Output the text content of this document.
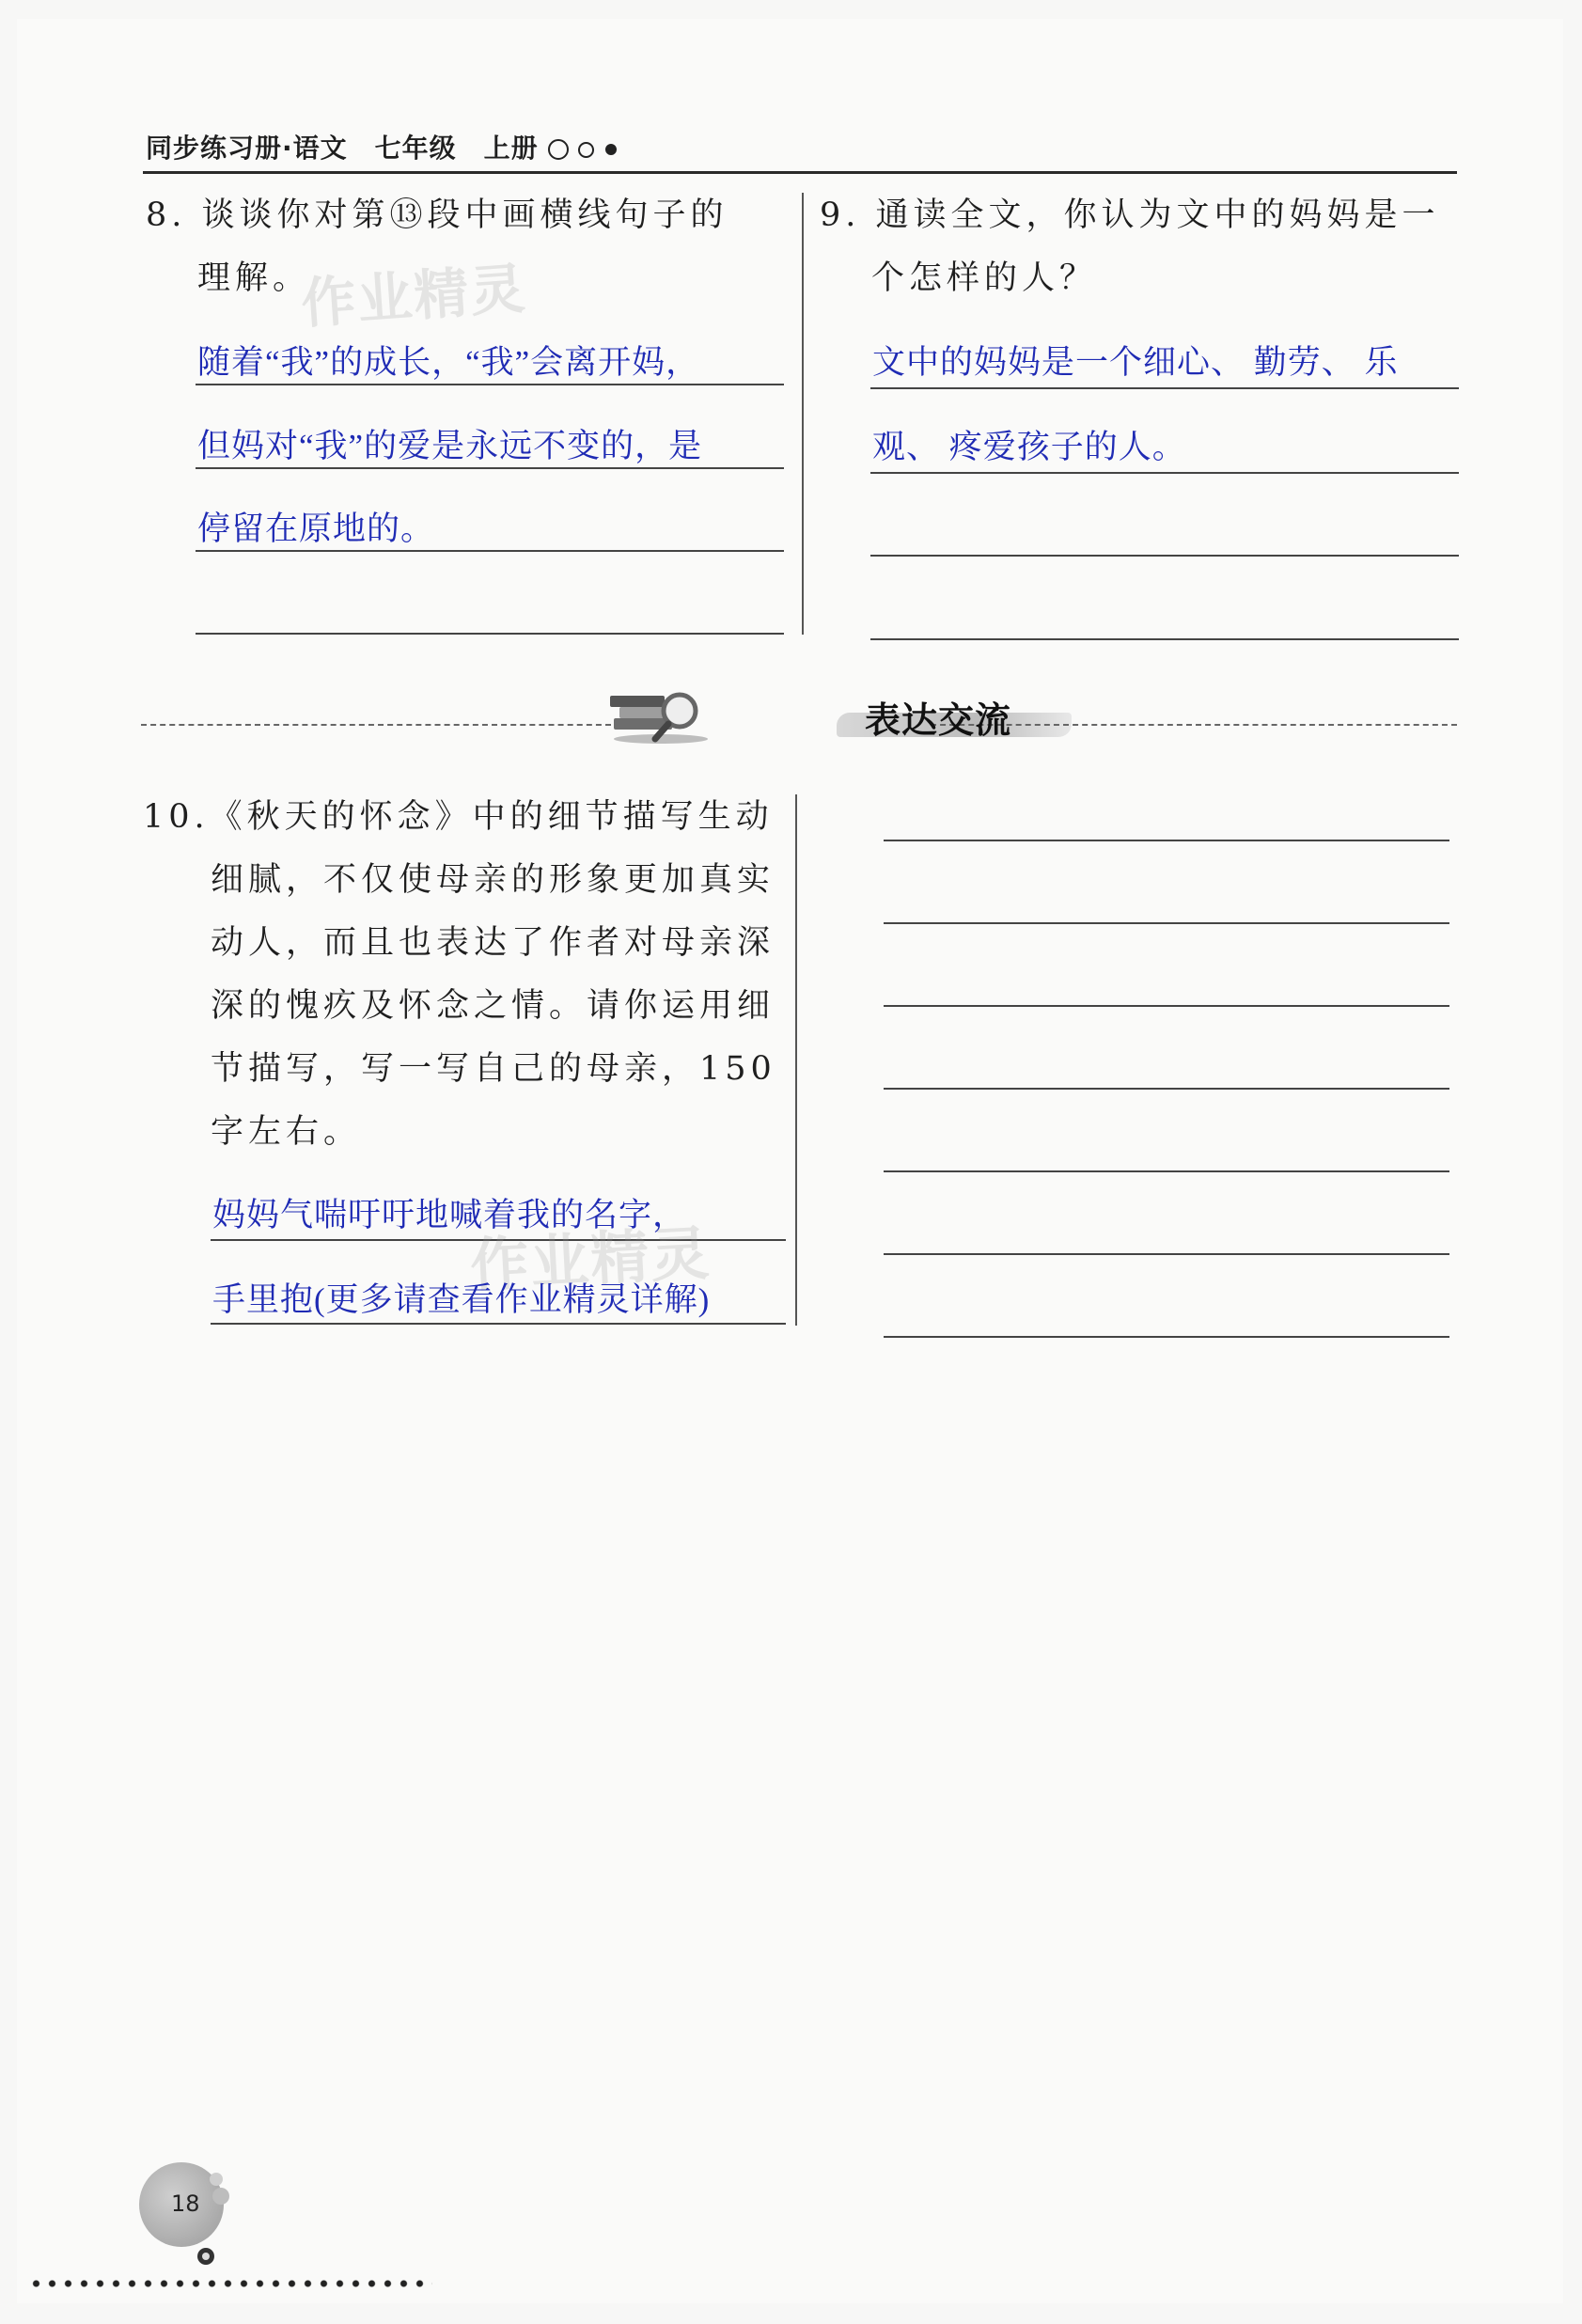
同步练习册·语文　七年级　上册
8. 谈谈你对第⑬段中画横线句子的
理解。
作业精灵
随着“我”的成长，“我”会离开妈，
但妈对“我”的爱是永远不变的，是
停留在原地的。
9. 通读全文，你认为文中的妈妈是一
个怎样的人？
文中的妈妈是一个细心、 勤劳、 乐
观、 疼爱孩子的人。
表达交流
10.《秋天的怀念》中的细节描写生动
细腻，不仅使母亲的形象更加真实
动人，而且也表达了作者对母亲深
深的愧疚及怀念之情。请你运用细
节描写，写一写自己的母亲，150
字左右。
妈妈气喘吁吁地喊着我的名字，
作业精灵
手里抱(更多请查看作业精灵详解)
18
